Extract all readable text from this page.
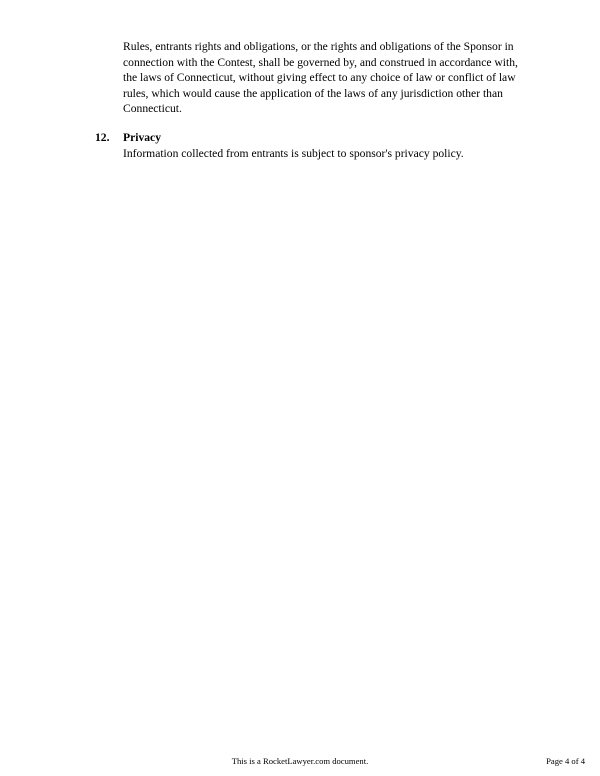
Rules, entrants rights and obligations, or the rights and obligations of the Sponsor in
connection with the Contest, shall be governed by, and construed in accordance with,
the laws of Connecticut, without giving effect to any choice of law or conflict of law
rules, which would cause the application of the laws of any jurisdiction other than
Connecticut.
12. Privacy
Information collected from entrants is subject to sponsor's privacy policy.
This is a RocketLawyer.com document.	Page 4 of 4
